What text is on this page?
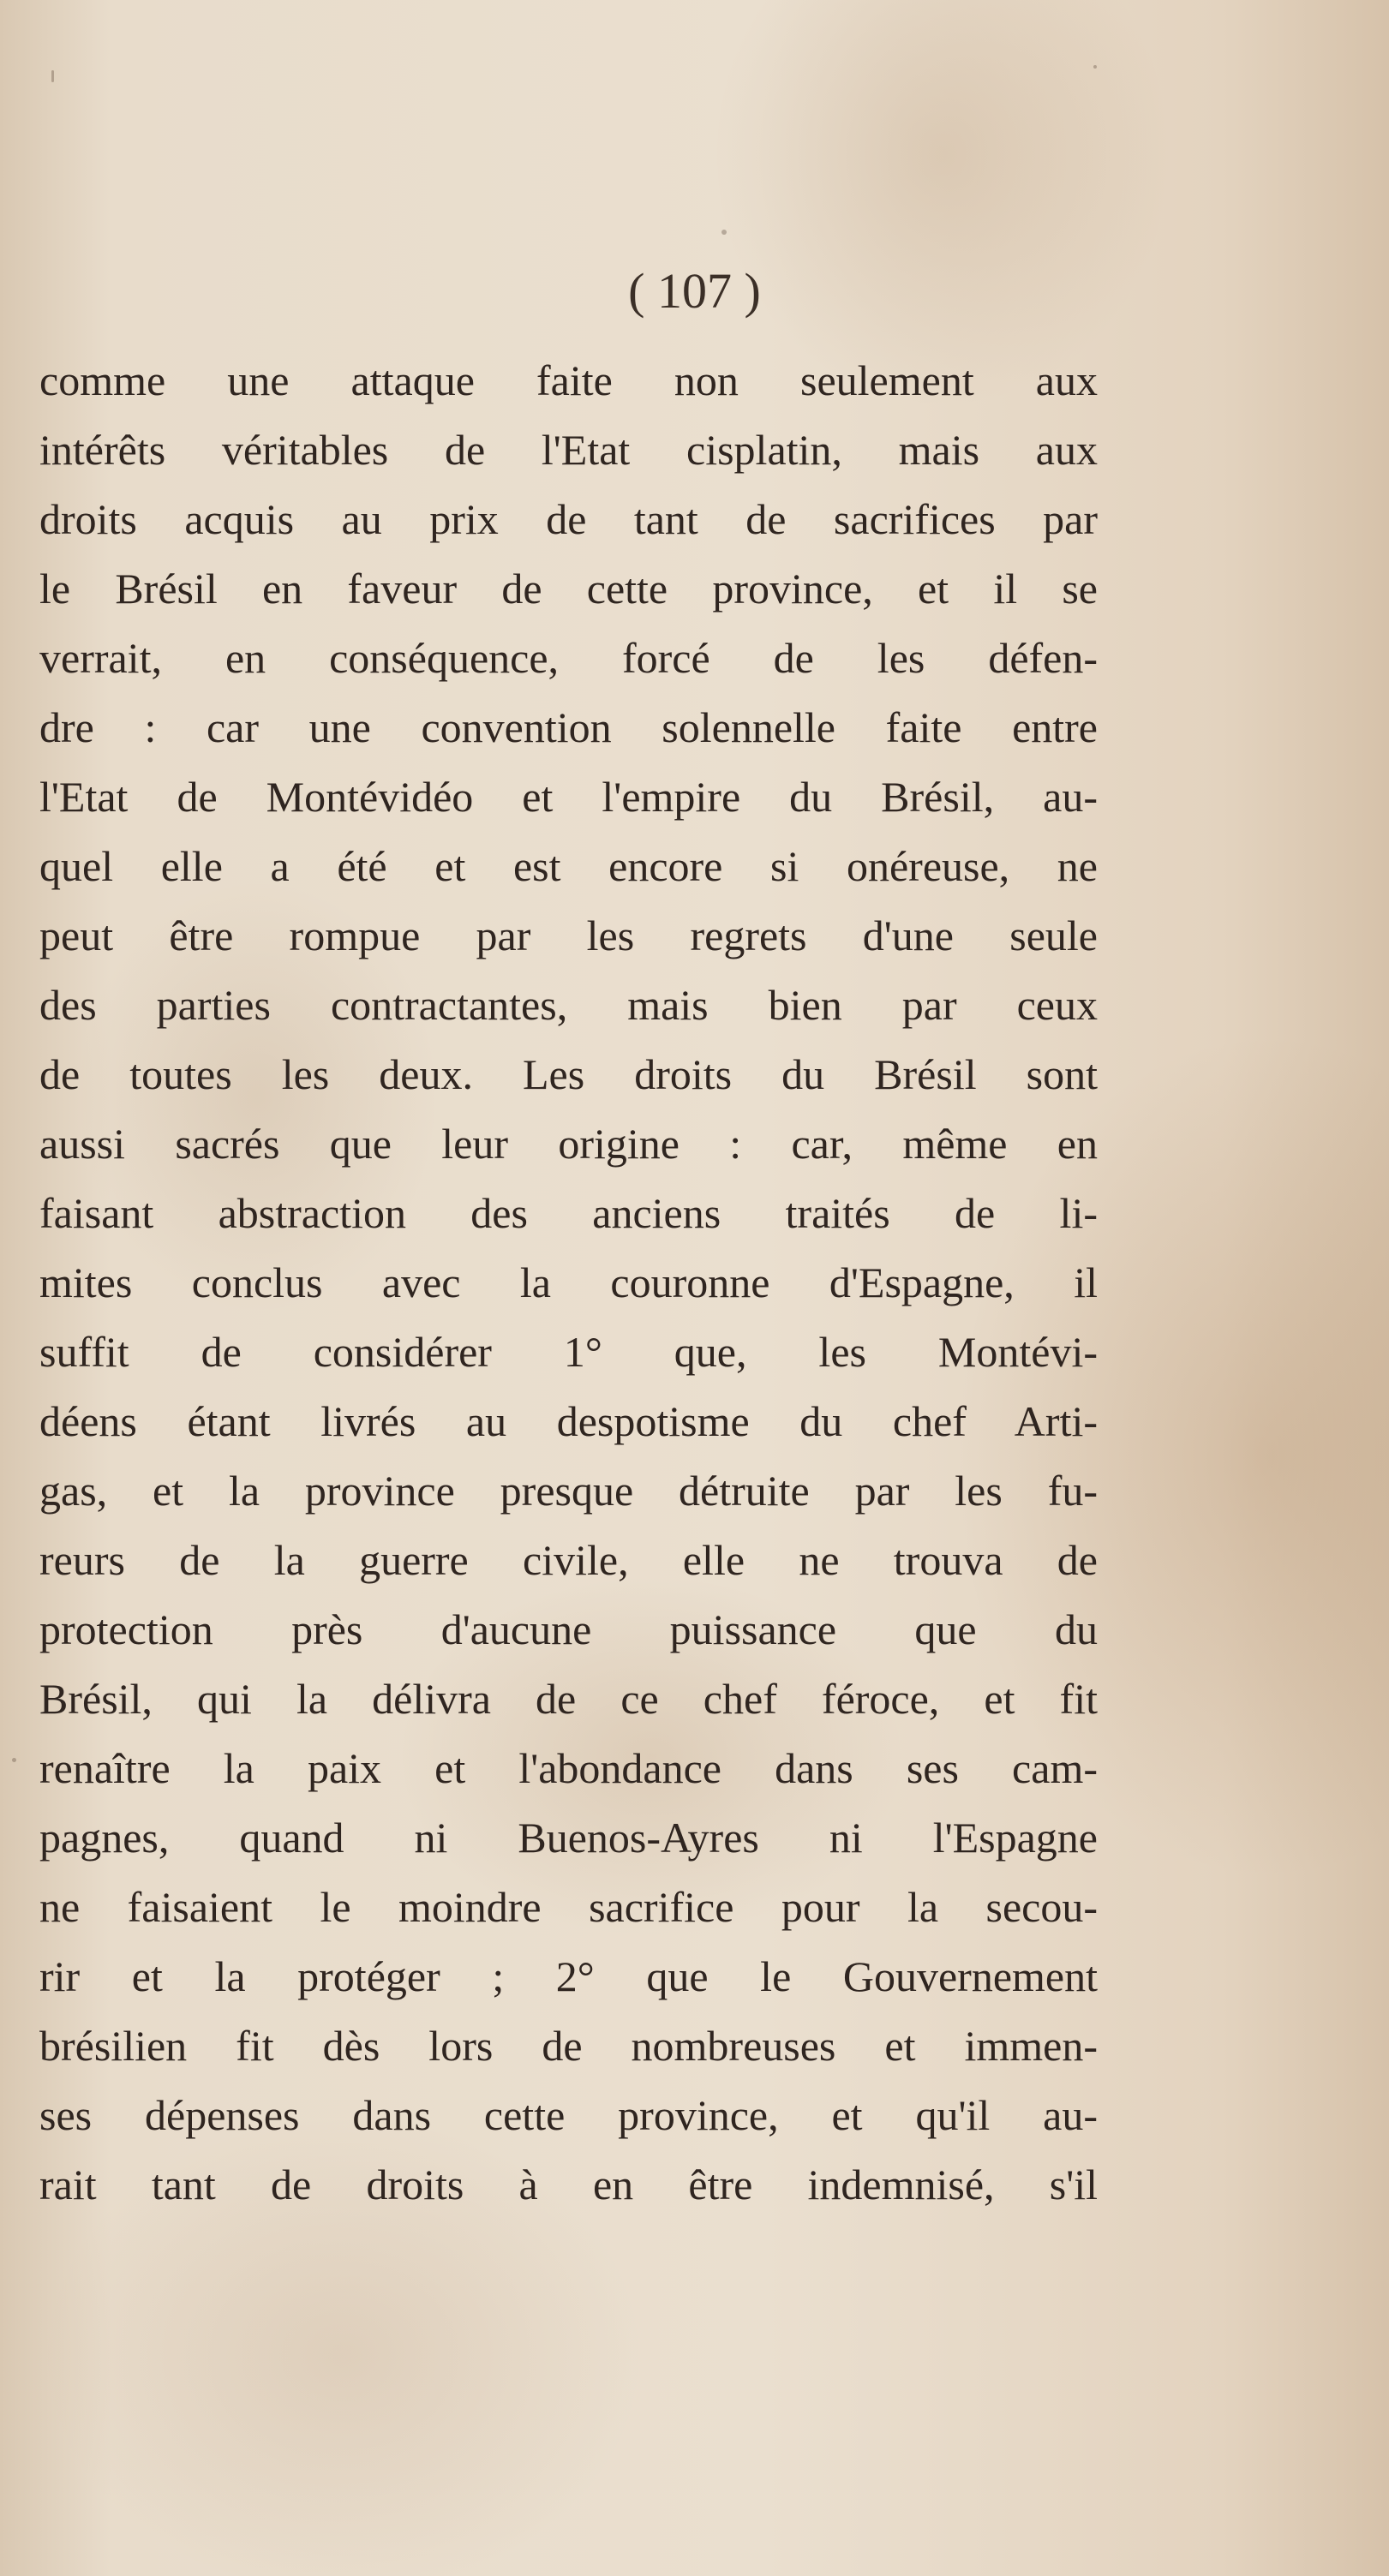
( 107 )
comme une attaque faite non seulement aux
intérêts véritables de l'Etat cisplatin, mais aux
droits acquis au prix de tant de sacrifices par
le Brésil en faveur de cette province, et il se
verrait, en conséquence, forcé de les défen-
dre : car une convention solennelle faite entre
l'Etat de Montévidéo et l'empire du Brésil, au-
quel elle a été et est encore si onéreuse, ne
peut être rompue par les regrets d'une seule
des parties contractantes, mais bien par ceux
de toutes les deux. Les droits du Brésil sont
aussi sacrés que leur origine : car, même en
faisant abstraction des anciens traités de li-
mites conclus avec la couronne d'Espagne, il
suffit de considérer 1° que, les Montévi-
déens étant livrés au despotisme du chef Arti-
gas, et la province presque détruite par les fu-
reurs de la guerre civile, elle ne trouva de
protection près d'aucune puissance que du
Brésil, qui la délivra de ce chef féroce, et fit
renaître la paix et l'abondance dans ses cam-
pagnes, quand ni Buenos-Ayres ni l'Espagne
ne faisaient le moindre sacrifice pour la secou-
rir et la protéger ; 2° que le Gouvernement
brésilien fit dès lors de nombreuses et immen-
ses dépenses dans cette province, et qu'il au-
rait tant de droits à en être indemnisé, s'il
